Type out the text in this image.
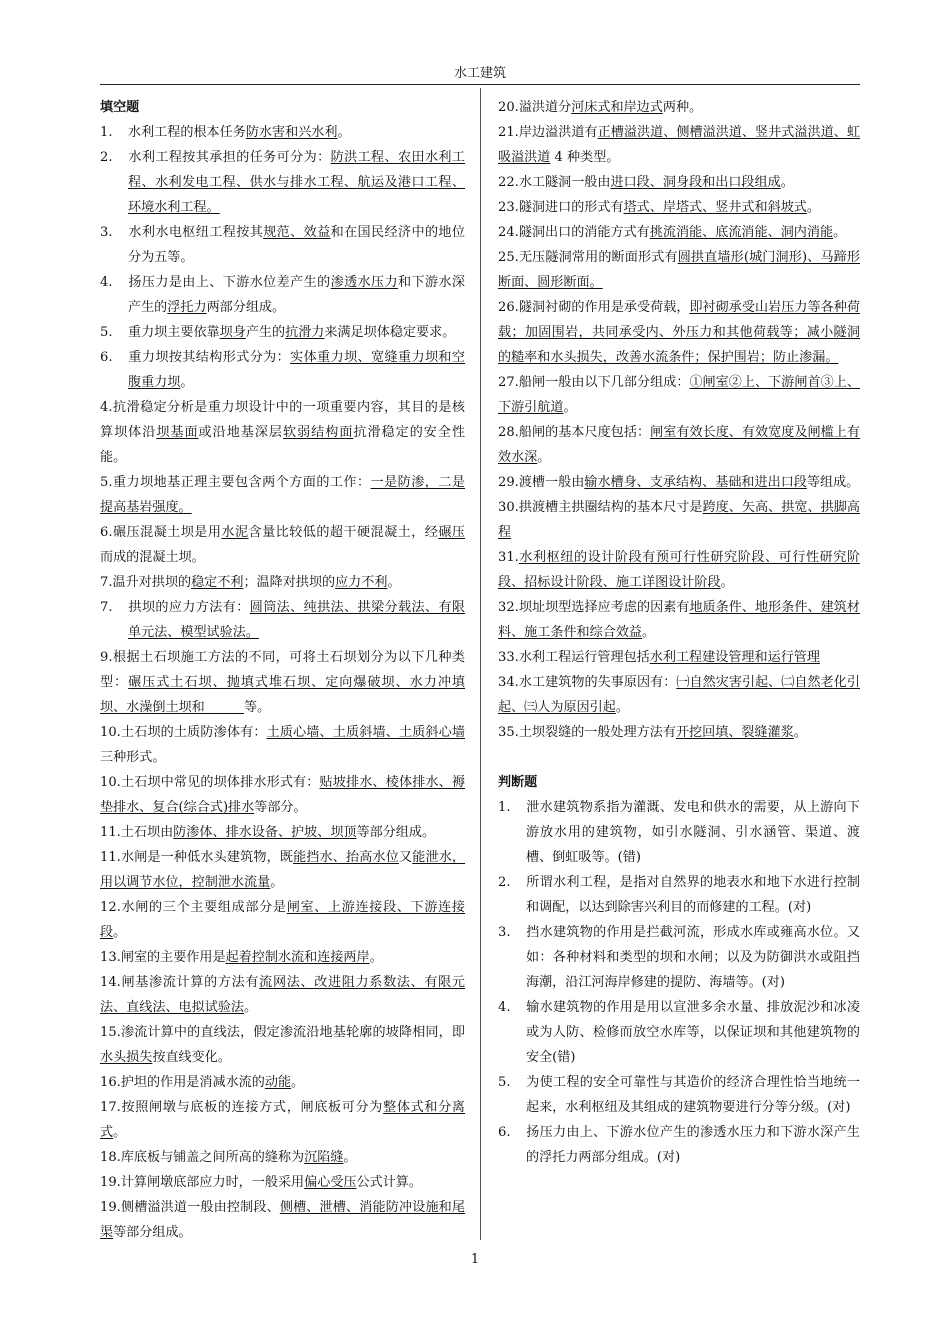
水工建筑
填空题

1. 水利工程的根本任务防水害和兴水利。

2. 水利工程按其承担的任务可分为：防洪工程、农田水利工程、水利发电工程、供水与排水工程、航运及港口工程、环境水利工程。

3. 水利水电枢纽工程按其规范、效益和在国民经济中的地位分为五等。

4. 扬压力是由上、下游水位差产生的渗透水压力和下游水深产生的浮托力两部分组成。

5. 重力坝主要依靠坝身产生的抗滑力来满足坝体稳定要求。

6. 重力坝按其结构形式分为：实体重力坝、宽缝重力坝和空腹重力坝。

4.抗滑稳定分析是重力坝设计中的一项重要内容，其目的是核算坝体沿坝基面或沿地基深层软弱结构面抗滑稳定的安全性能。

5.重力坝地基正理主要包含两个方面的工作：一是防渗，二是提高基岩强度。

6.碾压混凝土坝是用水泥含量比较低的超干硬混凝土，经碾压而成的混凝土坝。

7.温升对拱坝的稳定不利；温降对拱坝的应力不利。

7. 拱坝的应力方法有：圆筒法、纯拱法、拱梁分载法、有限单元法、模型试验法。

9.根据土石坝施工方法的不同，可将土石坝划分为以下几种类型：碾压式土石坝、抛填式堆石坝、定向爆破坝、水力冲填坝、水澡倒土坝和　　　等。

10.土石坝的土质防渗体有：土质心墙、土质斜墙、土质斜心墙三种形式。

10.土石坝中常见的坝体排水形式有：贴坡排水、棱体排水、褥垫排水、复合(综合式)排水等部分。

11.土石坝由防渗体、排水设备、护坡、坝顶等部分组成。

11.水闸是一种低水头建筑物，既能挡水、抬高水位又能泄水，用以调节水位，控制泄水流量。

12.水闸的三个主要组成部分是闸室、上游连接段、下游连接段。

13.闸室的主要作用是起着控制水流和连接两岸。

14.闸基渗流计算的方法有流网法、改进阻力系数法、有限元法、直线法、电拟试验法。

15.渗流计算中的直线法，假定渗流沿地基轮廓的坡降相同，即水头损失按直线变化。

16.护坦的作用是消减水流的动能。

17.按照闸墩与底板的连接方式，闸底板可分为整体式和分离式。

18.库底板与铺盖之间所高的缝称为沉陷缝。

19.计算闸墩底部应力时，一般采用偏心受压公式计算。

19.侧槽溢洪道一般由控制段、侧槽、泄槽、消能防冲设施和尾渠等部分组成。

20.溢洪道分河床式和岸边式两种。

21.岸边溢洪道有正槽溢洪道、侧槽溢洪道、竖井式溢洪道、虹吸溢洪道 4 种类型。

22.水工隧洞一般由进口段、洞身段和出口段组成。

23.隧洞进口的形式有塔式、岸塔式、竖井式和斜坡式。

24.隧洞出口的消能方式有挑流消能、底流消能、洞内消能。

25.无压隧洞常用的断面形式有圆拱直墙形(城门洞形)、马蹄形断面、圆形断面。

26.隧洞衬砌的作用是承受荷载，即衬砌承受山岩压力等各种荷载；加固围岩，共同承受内、外压力和其他荷载等；减小隧洞的糙率和水头损失，改善水流条件；保护围岩；防止渗漏。

27.船闸一般由以下几部分组成：①闸室②上、下游闸首③上、下游引航道。

28.船闸的基本尺度包括：闸室有效长度、有效宽度及闸槛上有效水深。

29.渡槽一般由输水槽身、支承结构、基础和进出口段等组成。

30.拱渡槽主拱圈结构的基本尺寸是跨度、矢高、拱宽、拱脚高程

31.水利枢纽的设计阶段有预可行性研究阶段、可行性研究阶段、招标设计阶段、施工详图设计阶段。

32.坝址坝型选择应考虑的因素有地质条件、地形条件、建筑材料、施工条件和综合效益。

33.水利工程运行管理包括水利工程建设管理和运行管理

34.水工建筑物的失事原因有：㈠自然灾害引起、㈡自然老化引起、㈢人为原因引起。

35.土坝裂缝的一般处理方法有开挖回填、裂缝灌浆。

判断题

1. 泄水建筑物系指为灌溉、发电和供水的需要，从上游向下游放水用的建筑物，如引水隧洞、引水涵管、渠道、渡槽、倒虹吸等。(错)

2. 所谓水利工程，是指对自然界的地表水和地下水进行控制和调配，以达到除害兴利目的而修建的工程。(对)

3. 挡水建筑物的作用是拦截河流，形成水库或雍高水位。又如：各种材料和类型的坝和水闸；以及为防御洪水或阻挡海潮，沿江河海岸修建的提防、海墙等。(对)

4. 输水建筑物的作用是用以宣泄多余水量、排放泥沙和冰凌或为人防、检修而放空水库等，以保证坝和其他建筑物的安全(错)

5. 为使工程的安全可靠性与其造价的经济合理性恰当地统一起来，水利枢纽及其组成的建筑物要进行分等分级。(对)

6. 扬压力由上、下游水位产生的渗透水压力和下游水深产生的浮托力两部分组成。(对)

1
